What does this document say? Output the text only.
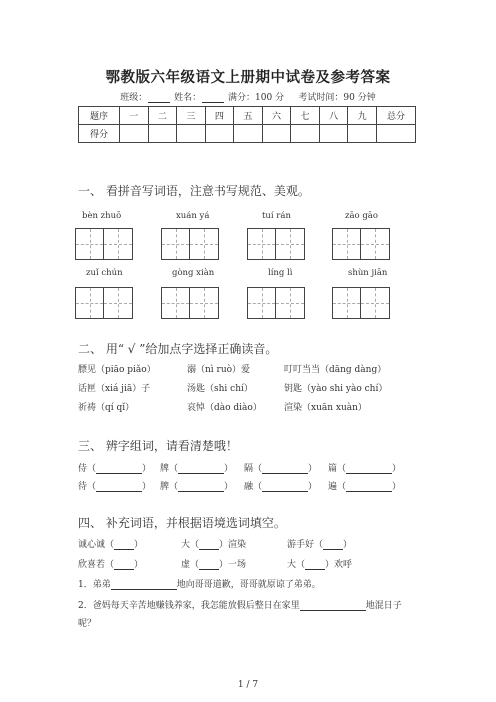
鄂教版六年级语文上册期中试卷及参考答案
班级：	姓名：	满分：100 分 考试时间：90 分钟
题序	一	二	三	四	五	六	七	八	九	总分
得分										
一、 看拼音写词语，注意书写规范、美观。
bèn zhuō	xuán yá	tuí rán	zāo gāo
zuǐ chún	gòng xiàn	líng lì	shùn jiān
二、 用“ √ ”给加点字选择正确读音。
膘见（piāo piǎo）	溺（nì ruò）爱	叮叮当当（dāng dàng）
话匣（xiá jiā）子	汤匙（shi chí）	钥匙（yào shi yào chí）
祈祷（qí qǐ）	哀悼（dào diào） 渲染（xuān xuàn）
三、 辨字组词，请看清楚哦！
侍（	） 牌（	） 隔（	） 篇（	）
待（	） 脾（	） 融（	） 遍（	）
四、 补充词语，并根据语境选词填空。
诚心诚（ ）	大（ ）渲染	游手好（ ）
欣喜若（ ）	虚（ ）一场	大（ ）欢呼
1．弟弟	地向哥哥道歉，哥哥就原谅了弟弟。
2．爸妈每天辛苦地赚钱养家，我怎能放假后整日在家里	地混日子
呢？
1 / 7
